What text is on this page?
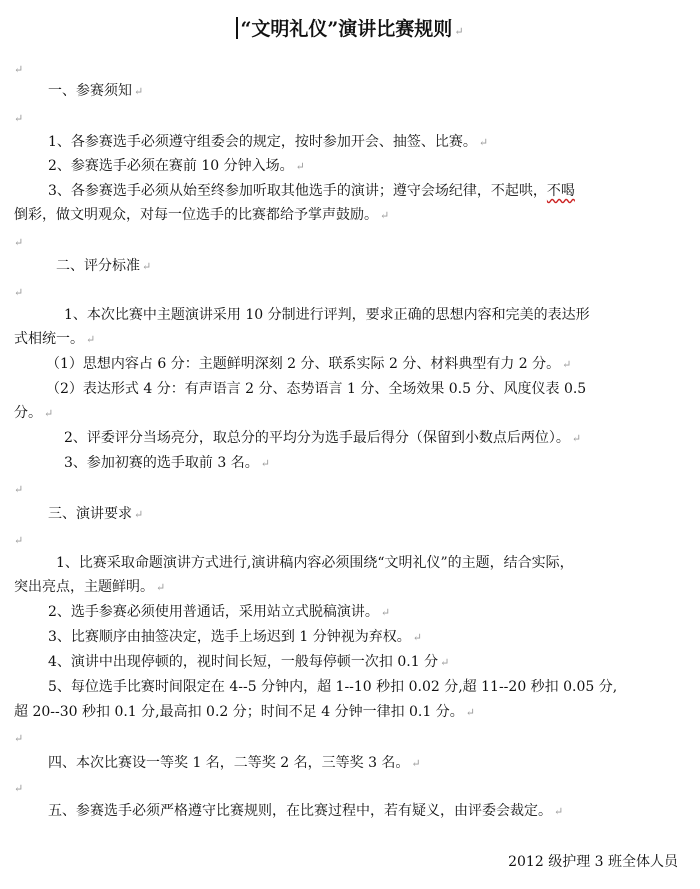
“文明礼仪”演讲比赛规则 ↵
↵
一、参赛须知 ↵
↵
1、各参赛选手必须遵守组委会的规定，按时参加开会、抽签、比赛。 ↵
2、参赛选手必须在赛前 10 分钟入场。 ↵
3、各参赛选手必须从始至终参加听取其他选手的演讲；遵守会场纪律，不起哄，不喝
倒彩，做文明观众，对每一位选手的比赛都给予掌声鼓励。 ↵
↵
二、评分标准 ↵
↵
1、本次比赛中主题演讲采用 10 分制进行评判，要求正确的思想内容和完美的表达形
式相统一。 ↵
（1）思想内容占 6 分：主题鲜明深刻 2 分、联系实际 2 分、材料典型有力 2 分。 ↵
（2）表达形式 4 分：有声语言 2 分、态势语言 1 分、全场效果 0.5 分、风度仪表 0.5
分。 ↵
2、评委评分当场亮分，取总分的平均分为选手最后得分（保留到小数点后两位）。 ↵
3、参加初赛的选手取前 3 名。 ↵
↵
三、演讲要求 ↵
↵
1、比赛采取命题演讲方式进行,演讲稿内容必须围绕“文明礼仪”的主题，结合实际，
突出亮点，主题鲜明。 ↵
2、选手参赛必须使用普通话，采用站立式脱稿演讲。 ↵
3、比赛顺序由抽签决定，选手上场迟到 1 分钟视为弃权。 ↵
4、演讲中出现停顿的，视时间长短，一般每停顿一次扣 0.1 分 ↵
5、每位选手比赛时间限定在 4--5 分钟内，超 1--10 秒扣 0.02 分,超 11--20 秒扣 0.05 分,
超 20--30 秒扣 0.1 分,最高扣 0.2 分；时间不足 4 分钟一律扣 0.1 分。 ↵
↵
四、本次比赛设一等奖 1 名，二等奖 2 名，三等奖 3 名。 ↵
↵
五、参赛选手必须严格遵守比赛规则，在比赛过程中，若有疑义，由评委会裁定。 ↵
2012 级护理 3 班全体人员
